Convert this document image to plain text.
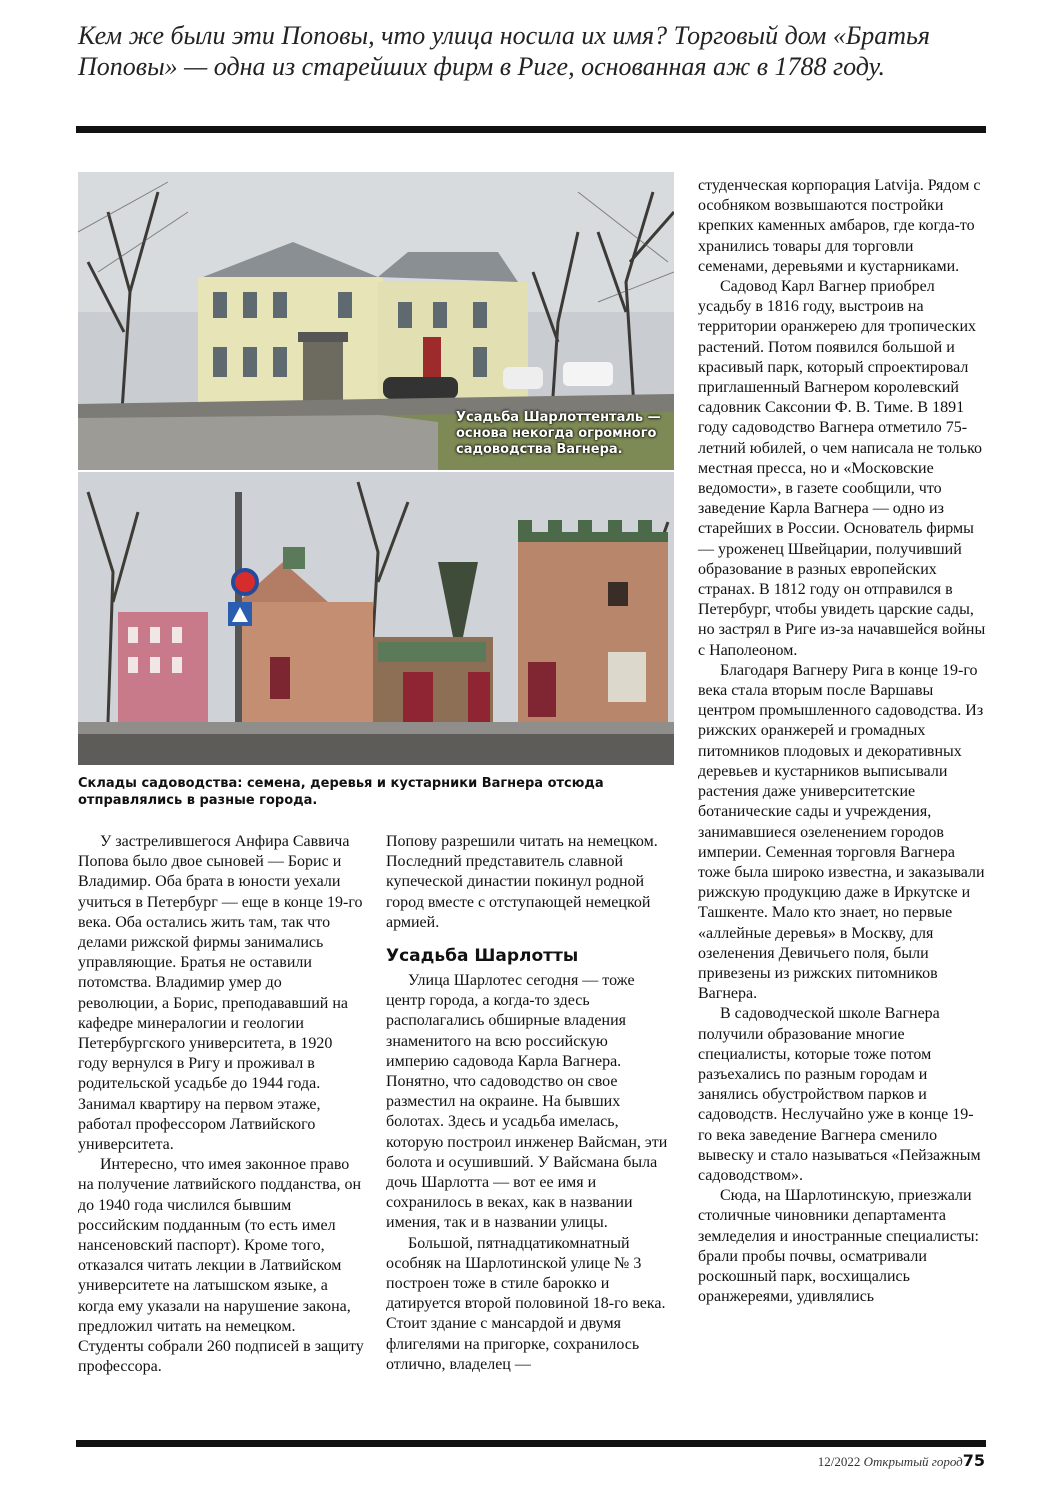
Кем же были эти Поповы, что улица носила их имя? Торговый дом «Братья Поповы» — одна из старейших фирм в Риге, основанная аж в 1788 году.
Усадьба Шарлоттенталь — основа некогда огромного садоводства Вагнера.
Склады садоводства: семена, деревья и кустарники Вагнера отсюда отправлялись в разные города.

У застрелившегося Анфира Саввича Попова было двое сыновей — Борис и Владимир. Оба брата в юности уехали учиться в Петербург — еще в конце 19-го века. Оба остались жить там, так что делами рижской фирмы занимались управляющие. Братья не оставили потомства. Владимир умер до революции, а Борис, преподававший на кафедре минералогии и геологии Петербургского университета, в 1920 году вернулся в Ригу и проживал в родительской усадьбе до 1944 года. Занимал квартиру на первом этаже, работал профессором Латвийского университета.

Интересно, что имея законное право на получение латвийского подданства, он до 1940 года числился бывшим российским подданным (то есть имел нансеновский паспорт). Кроме того, отказался читать лекции в Латвийском университете на латышском языке, а когда ему указали на нарушение закона, предложил читать на немецком. Студенты собрали 260 подписей в защиту профессора.

Попову разрешили читать на немецком. Последний представитель славной купеческой династии покинул родной город вместе с отступающей немецкой армией.

Усадьба Шарлотты

Улица Шарлотес сегодня — тоже центр города, а когда-то здесь располагались обширные владения знаменитого на всю российскую империю садовода Карла Вагнера. Понятно, что садоводство он свое разместил на окраине. На бывших болотах. Здесь и усадьба имелась, которую построил инженер Вайсман, эти болота и осушивший. У Вайсмана была дочь Шарлотта — вот ее имя и сохранилось в веках, как в названии имения, так и в названии улицы.

Большой, пятнадцатикомнатный особняк на Шарлотинской улице № 3 построен тоже в стиле барокко и датируется второй половиной 18-го века. Стоит здание с мансардой и двумя флигелями на пригорке, сохранилось отлично, владелец —

студенческая корпорация Latvija. Рядом с особняком возвышаются постройки крепких каменных амбаров, где когда-то хранились товары для торговли семенами, деревьями и кустарниками.

Садовод Карл Вагнер приобрел усадьбу в 1816 году, выстроив на территории оранжерею для тропических растений. Потом появился большой и красивый парк, который спроектировал приглашенный Вагнером королевский садовник Саксонии Ф. В. Тиме. В 1891 году садоводство Вагнера отметило 75-летний юбилей, о чем написала не только местная пресса, но и «Московские ведомости», в газете сообщили, что заведение Карла Вагнера — одно из старейших в России. Основатель фирмы — уроженец Швейцарии, получивший образование в разных европейских странах. В 1812 году он отправился в Петербург, чтобы увидеть царские сады, но застрял в Риге из-за начавшейся войны с Наполеоном.

Благодаря Вагнеру Рига в конце 19-го века стала вторым после Варшавы центром промышленного садоводства. Из рижских оранжерей и громадных питомников плодовых и декоративных деревьев и кустарников выписывали растения даже университетские ботанические сады и учреждения, занимавшиеся озеленением городов империи. Семенная торговля Вагнера тоже была широко известна, и заказывали рижскую продукцию даже в Иркутске и Ташкенте. Мало кто знает, но первые «аллейные деревья» в Москву, для озеленения Девичьего поля, были привезены из рижских питомников Вагнера.

В садоводческой школе Вагнера получили образование многие специалисты, которые тоже потом разъехались по разным городам и занялись обустройством парков и садоводств. Неслучайно уже в конце 19-го века заведение Вагнера сменило вывеску и стало называться «Пейзажным садоводством».

Сюда, на Шарлотинскую, приезжали столичные чиновники департамента земледелия и иностранные специалисты: брали пробы почвы, осматривали роскошный парк, восхищались оранжереями, удивлялись

12/2022 Открытый город75
